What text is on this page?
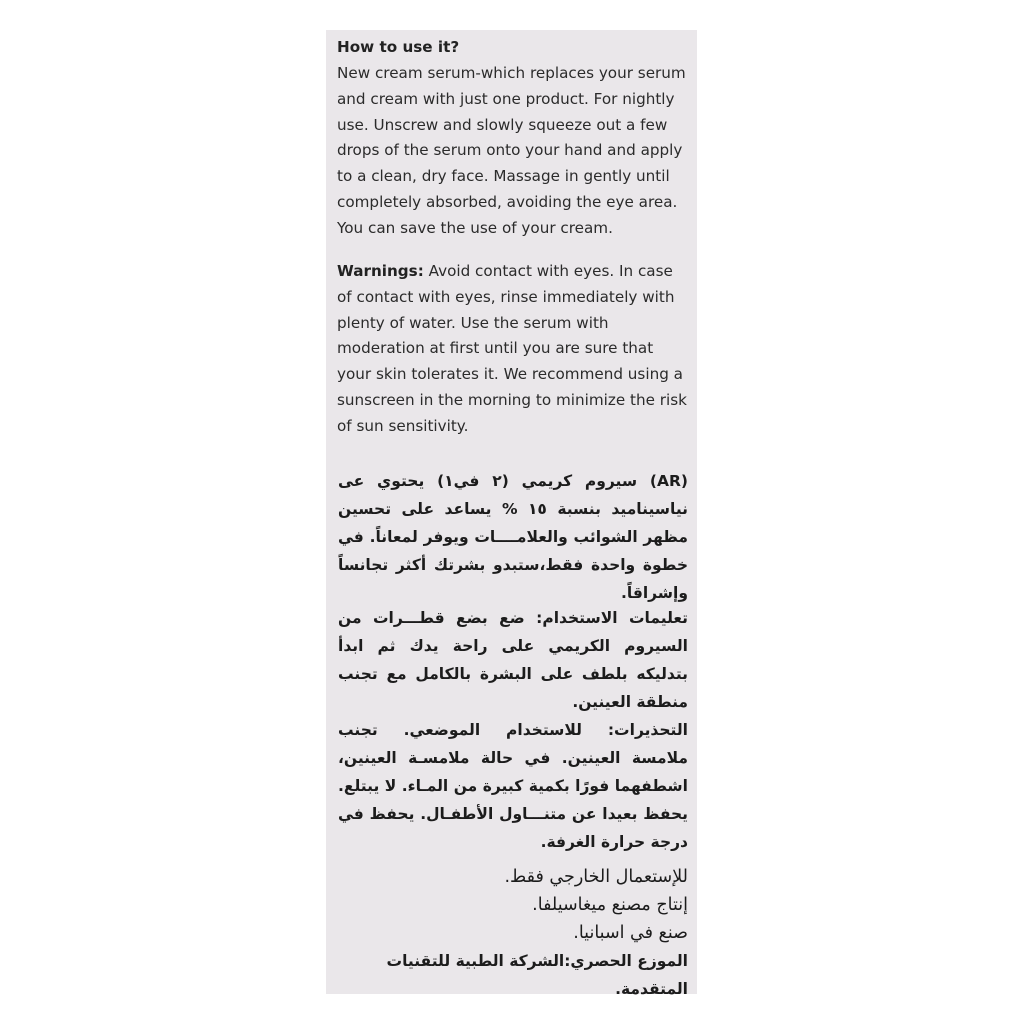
How to use it?

New cream serum-which replaces your serum and cream with just one product. For nightly use. Unscrew and slowly squeeze out a few drops of the serum onto your hand and apply to a clean, dry face. Massage in gently until completely absorbed, avoiding the eye area. You can save the use of your cream.

Warnings: Avoid contact with eyes. In case of contact with eyes, rinse immediately with plenty of water. Use the serum with moderation at first until you are sure that your skin tolerates it. We recommend using a sunscreen in the morning to minimize the risk of sun sensitivity.

(AR) سيروم كريمي (٢ في١) يحتوي عى نياسيناميد بنسبة ١٥ % يساعد على تحسين مظهر الشوائب والعلامــــات ويوفر لمعاناً. في خطوة واحدة فقط،ستبدو بشرتك أكثر تجانساً وإشراقاً.

تعليمات الاستخدام: ضع بضع قطـــرات من السيروم الكريمي على راحة يدك ثم ابدأ بتدليكه بلطف على البشرة بالكامل مع تجنب منطقة العينين.
التحذيرات: للاستخدام الموضعي. تجنب ملامسة العينين. في حالة ملامسـة العينين، اشطفهما فورًا بكمية كبيرة من المـاء. لا يبتلع. يحفظ بعيدا عن متنـــاول الأطفـال. يحفظ في درجة حرارة الغرفة.
للإستعمال الخارجي فقط.
إنتاج مصنع ميغاسيلفا.
صنع في اسبانيا.
الموزع الحصري:الشركة الطبية للتقنيات المتقدمة.
